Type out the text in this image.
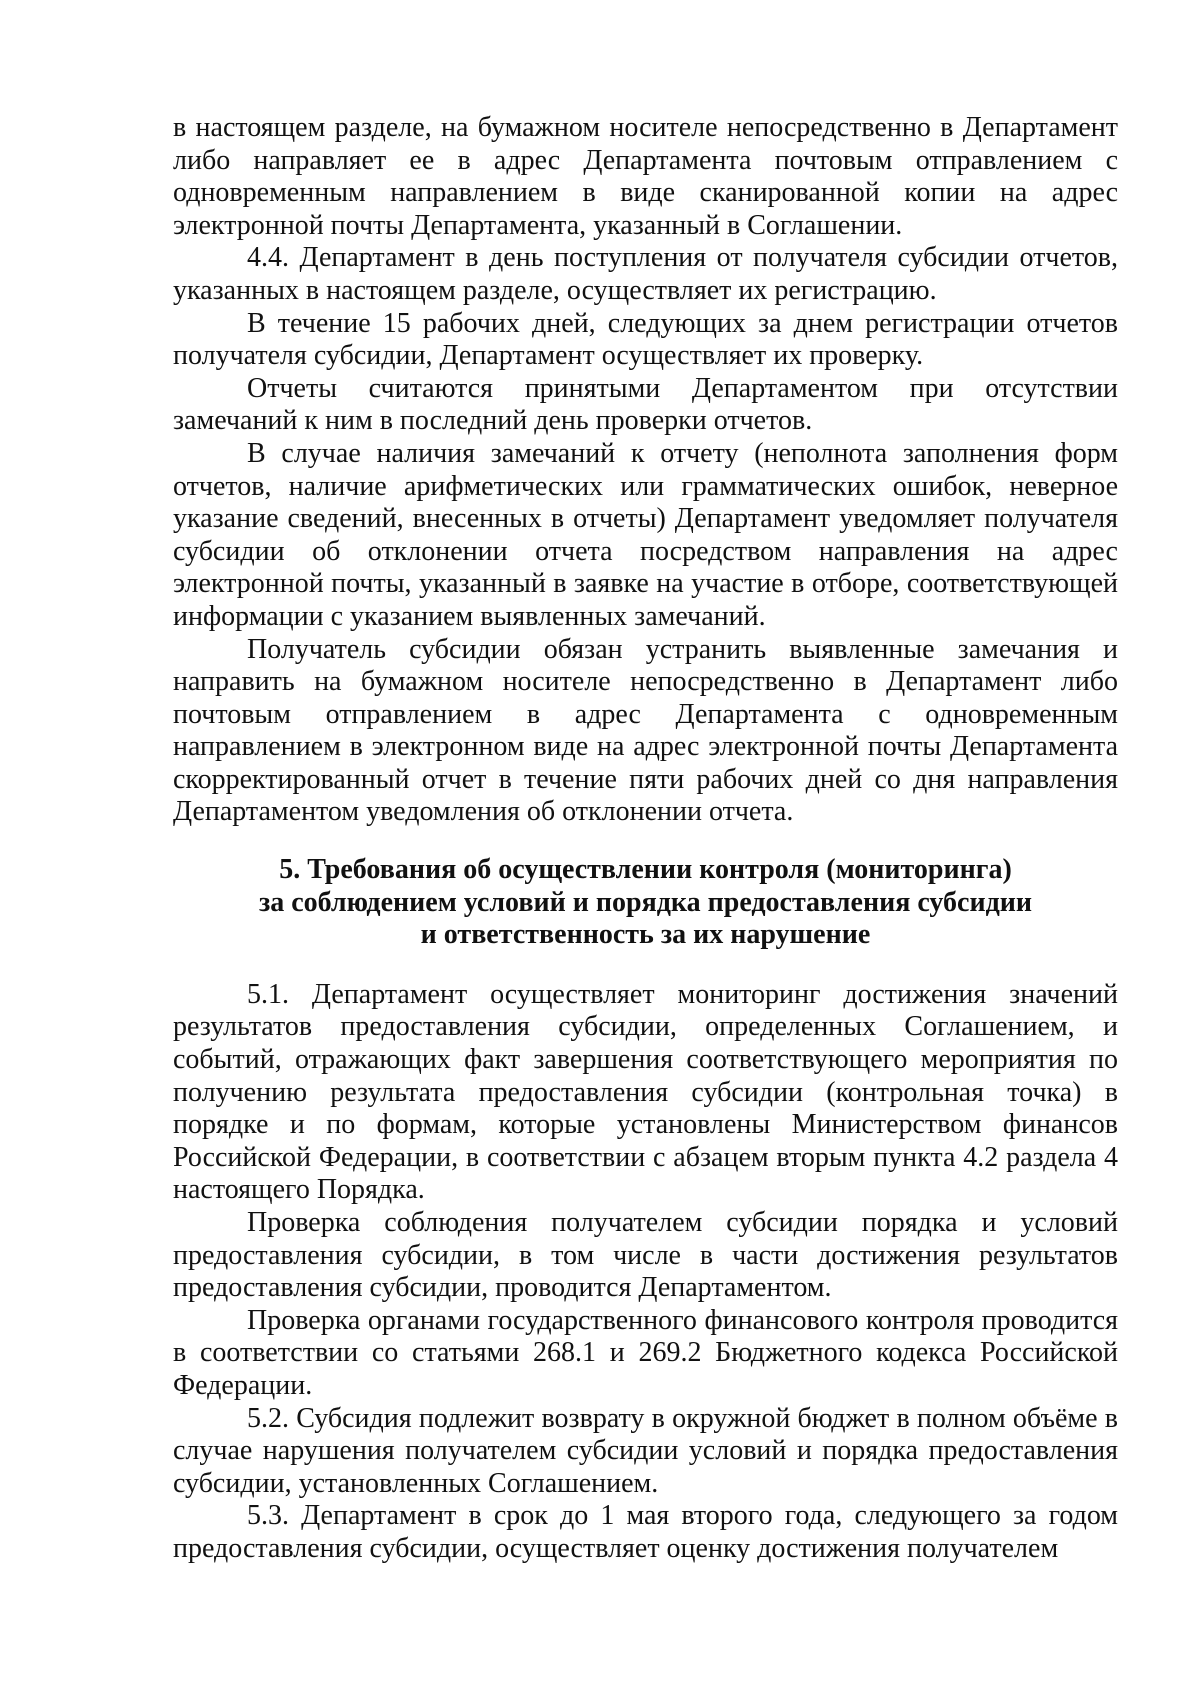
в настоящем разделе, на бумажном носителе непосредственно в Департамент либо направляет ее в адрес Департамента почтовым отправлением с одновременным направлением в виде сканированной копии на адрес электронной почты Департамента, указанный в Соглашении.

4.4. Департамент в день поступления от получателя субсидии отчетов, указанных в настоящем разделе, осуществляет их регистрацию.

В течение 15 рабочих дней, следующих за днем регистрации отчетов получателя субсидии, Департамент осуществляет их проверку.

Отчеты считаются принятыми Департаментом при отсутствии замечаний к ним в последний день проверки отчетов.

В случае наличия замечаний к отчету (неполнота заполнения форм отчетов, наличие арифметических или грамматических ошибок, неверное указание сведений, внесенных в отчеты) Департамент уведомляет получателя субсидии об отклонении отчета посредством направления на адрес электронной почты, указанный в заявке на участие в отборе, соответствующей информации с указанием выявленных замечаний.

Получатель субсидии обязан устранить выявленные замечания и направить на бумажном носителе непосредственно в Департамент либо почтовым отправлением в адрес Департамента с одновременным направлением в электронном виде на адрес электронной почты Департамента скорректированный отчет в течение пяти рабочих дней со дня направления Департаментом уведомления об отклонении отчета.

5. Требования об осуществлении контроля (мониторинга)
за соблюдением условий и порядка предоставления субсидии
и ответственность за их нарушение

5.1. Департамент осуществляет мониторинг достижения значений результатов предоставления субсидии, определенных Соглашением, и событий, отражающих факт завершения соответствующего мероприятия по получению результата предоставления субсидии (контрольная точка) в порядке и по формам, которые установлены Министерством финансов Российской Федерации, в соответствии с абзацем вторым пункта 4.2 раздела 4 настоящего Порядка.

Проверка соблюдения получателем субсидии порядка и условий предоставления субсидии, в том числе в части достижения результатов предоставления субсидии, проводится Департаментом.

Проверка органами государственного финансового контроля проводится в соответствии со статьями 268.1 и 269.2 Бюджетного кодекса Российской Федерации.

5.2. Субсидия подлежит возврату в окружной бюджет в полном объёме в случае нарушения получателем субсидии условий и порядка предоставления субсидии, установленных Соглашением.

5.3. Департамент в срок до 1 мая второго года, следующего за годом предоставления субсидии, осуществляет оценку достижения получателем
